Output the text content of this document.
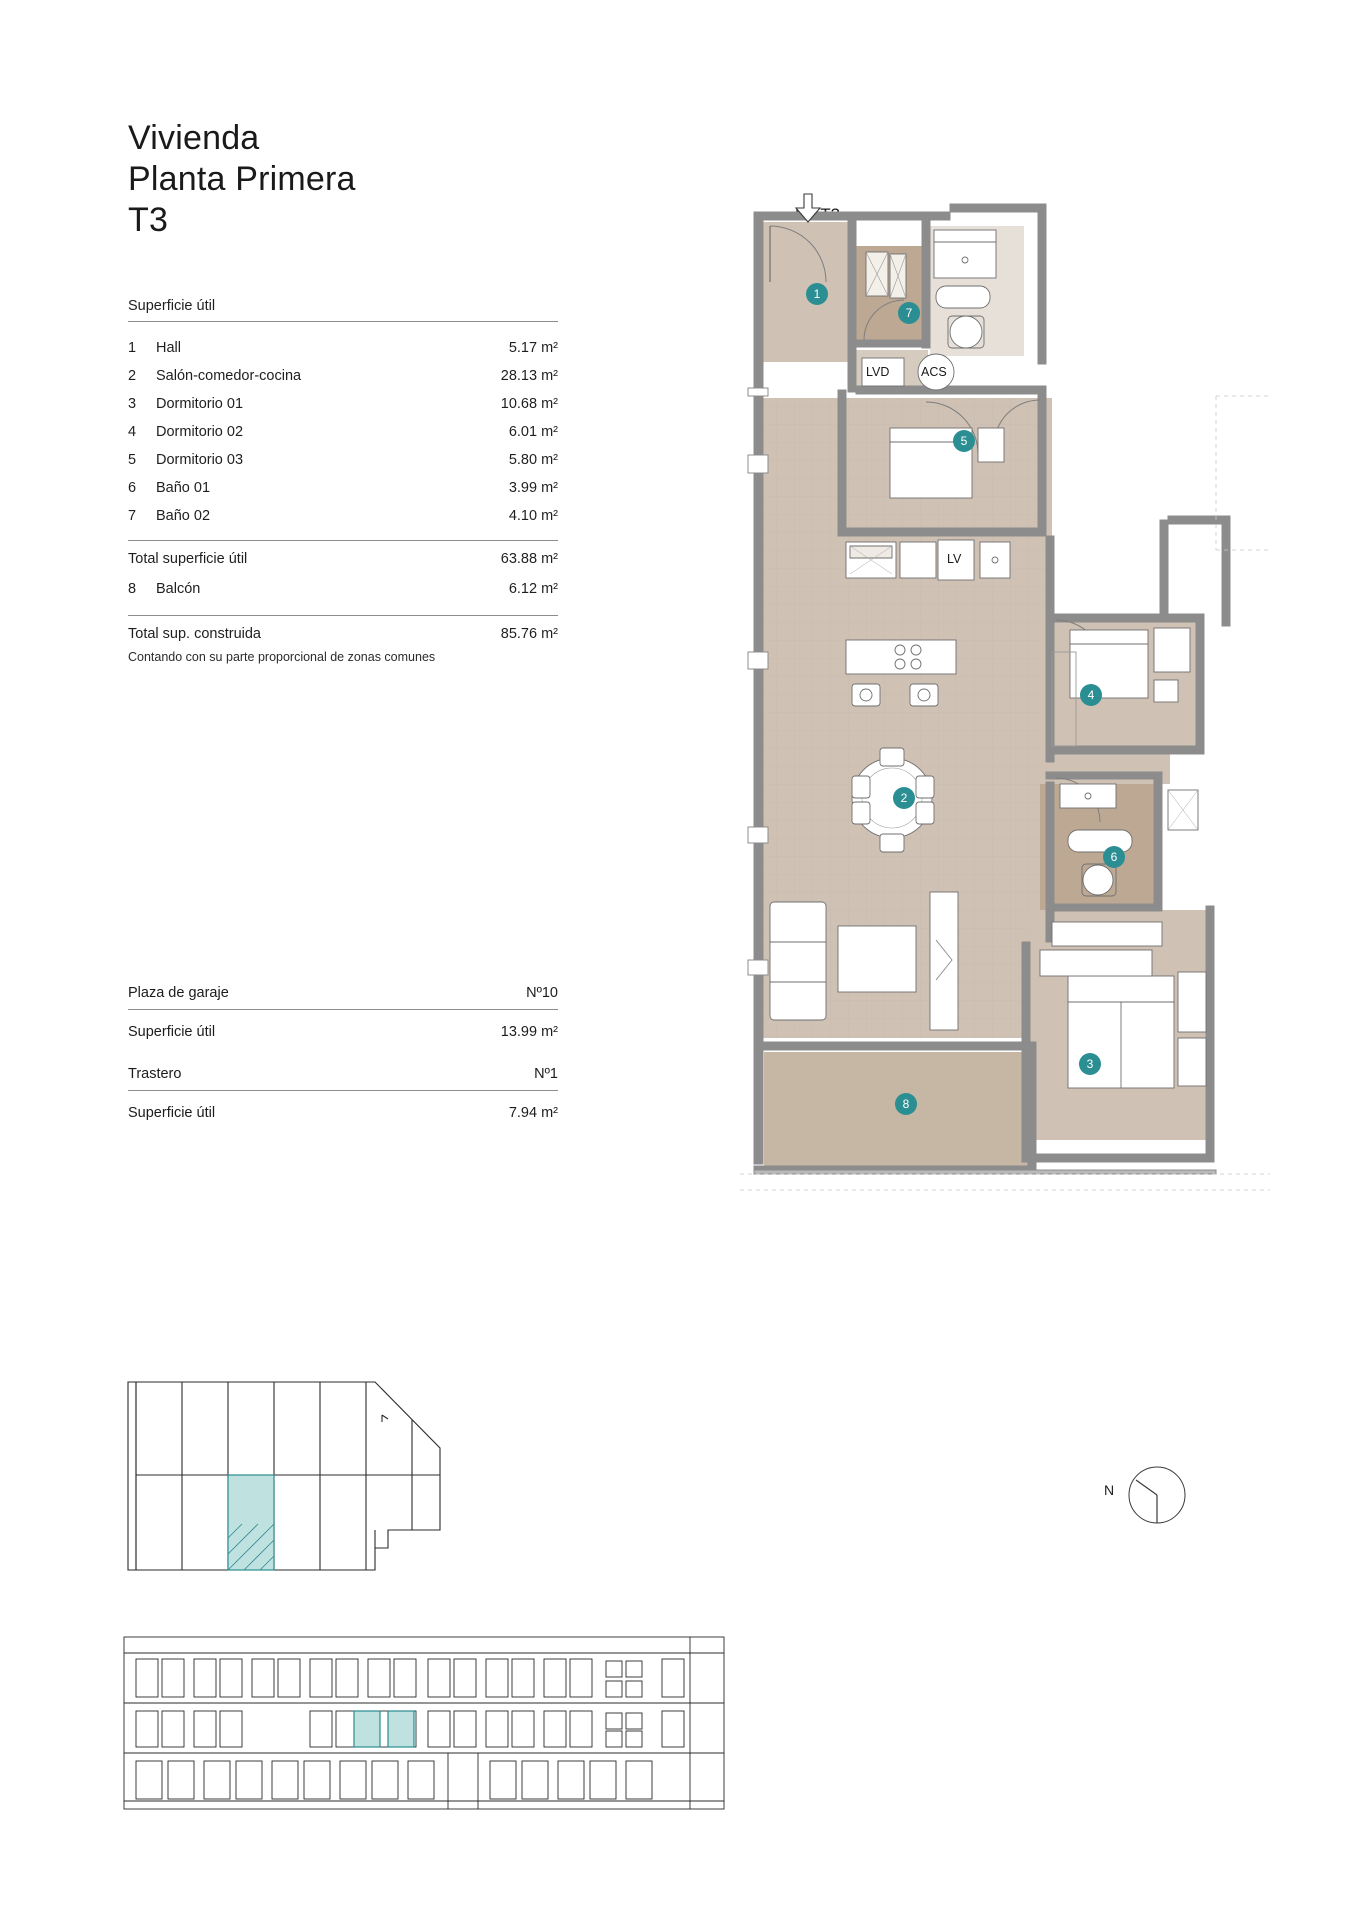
Vivienda
Planta Primera
T3
Superficie útil
1	Hall	5.17 m²
2	Salón-comedor-cocina	28.13 m²
3	Dormitorio 01	10.68 m²
4	Dormitorio 02	6.01 m²
5	Dormitorio 03	5.80 m²
6	Baño 01	3.99 m²
7	Baño 02	4.10 m²
Total superficie útil	63.88 m²
8	Balcón	6.12 m²
Total sup. construida	85.76 m²
Contando con su parte proporcional de zonas comunes
Plaza de garaje	Nº10
Superficie útil	13.99 m²
Trastero	Nº1
Superficie útil	7.94 m²
1
7
5
4
2
6
3
8
LVD	ACS
LV
N
